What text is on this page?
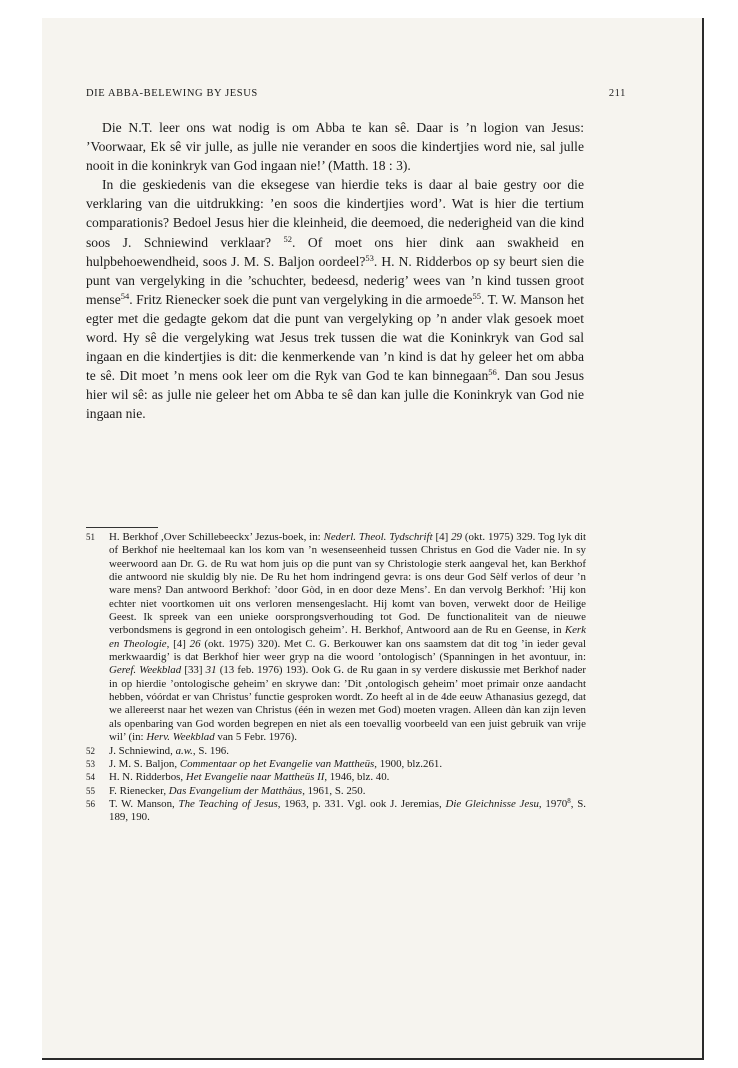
DIE ABBA-BELEWING BY JESUS	211

Die N.T. leer ons wat nodig is om Abba te kan sê. Daar is ’n logion van Jesus: ’Voorwaar, Ek sê vir julle, as julle nie verander en soos die kindertjies word nie, sal julle nooit in die koninkryk van God ingaan nie!’ (Matth. 18 : 3).

In die geskiedenis van die eksegese van hierdie teks is daar al baie gestry oor die verklaring van die uitdrukking: ’en soos die kindertjies word’. Wat is hier die tertium comparationis? Bedoel Jesus hier die kleinheid, die deemoed, die nederigheid van die kind soos J. Schniewind verklaar? $^{52}$. Of moet ons hier dink aan swakheid en hulpbehoewendheid, soos J. M. S. Baljon oordeel?$^{53}$. H. N. Ridderbos op sy beurt sien die punt van vergelyking in die ’schuchter, bedeesd, nederig’ wees van ’n kind tussen groot mense$^{54}$. Fritz Rienecker soek die punt van vergelyking in die armoede$^{55}$. T. W. Manson het egter met die gedagte gekom dat die punt van vergelyking op ’n ander vlak gesoek moet word. Hy sê die vergelyking wat Jesus trek tussen die wat die Koninkryk van God sal ingaan en die kindertjies is dit: die kenmerkende van ’n kind is dat hy geleer het om abba te sê. Dit moet ’n mens ook leer om die Ryk van God te kan binnegaan$^{56}$. Dan sou Jesus hier wil sê: as julle nie geleer het om Abba te sê dan kan julle die Koninkryk van God nie ingaan nie.

51	H. Berkhof ,Over Schillebeeckx’ Jezus-boek, in: Nederl. Theol. Tydschrift [4] 29 (okt. 1975) 329. Tog lyk dit of Berkhof nie heeltemaal kan los kom van ’n wesenseenheid tussen Christus en God die Vader nie. In sy weerwoord aan Dr. G. de Ru wat hom juis op die punt van sy Christologie sterk aangeval het, kan Berkhof die antwoord nie skuldig bly nie. De Ru het hom indringend gevra: is ons deur God Sèlf verlos of deur ’n ware mens? Dan antwoord Berkhof: ’door Gòd, in en door deze Mens’. En dan vervolg Berkhof: ’Hij kon echter niet voortkomen uit ons verloren mensengeslacht. Hij komt van boven, verwekt door de Heilige Geest. Ik spreek van een unieke oorsprongsverhouding tot God. De functionaliteit van de nieuwe verbondsmens is gegrond in een ontologisch geheim’. H. Berkhof, Antwoord aan de Ru en Geense, in Kerk en Theologie, [4] 26 (okt. 1975) 320). Met C. G. Berkouwer kan ons saamstem dat dit tog ’in ieder geval merkwaardig’ is dat Berkhof hier weer gryp na die woord ’ontologisch’ (Spanningen in het avontuur, in: Geref. Weekblad [33] 31 (13 feb. 1976) 193). Ook G. de Ru gaan in sy verdere diskussie met Berkhof nader in op hierdie ’ontologische geheim’ en skrywe dan: ’Dit ,ontologisch geheim’ moet primair onze aandacht hebben, vóórdat er van Christus’ functie gesproken wordt. Zo heeft al in de 4de eeuw Athanasius gezegd, dat we allereerst naar het wezen van Christus (één in wezen met God) moeten vragen. Alleen dàn kan zijn leven als openbaring van God worden begrepen en niet als een toevallig voorbeeld van een juist gebruik van vrije wil’ (in: Herv. Weekblad van 5 Febr. 1976).
52	J. Schniewind, a.w., S. 196.
53	J. M. S. Baljon, Commentaar op het Evangelie van Mattheüs, 1900, blz.261.
54	H. N. Ridderbos, Het Evangelie naar Mattheüs II, 1946, blz. 40.
55	F. Rienecker, Das Evangelium der Matthäus, 1961, S. 250.
56	T. W. Manson, The Teaching of Jesus, 1963, p. 331. Vgl. ook J. Jeremias, Die Gleichnisse Jesu, 1970$^8$, S. 189, 190.
